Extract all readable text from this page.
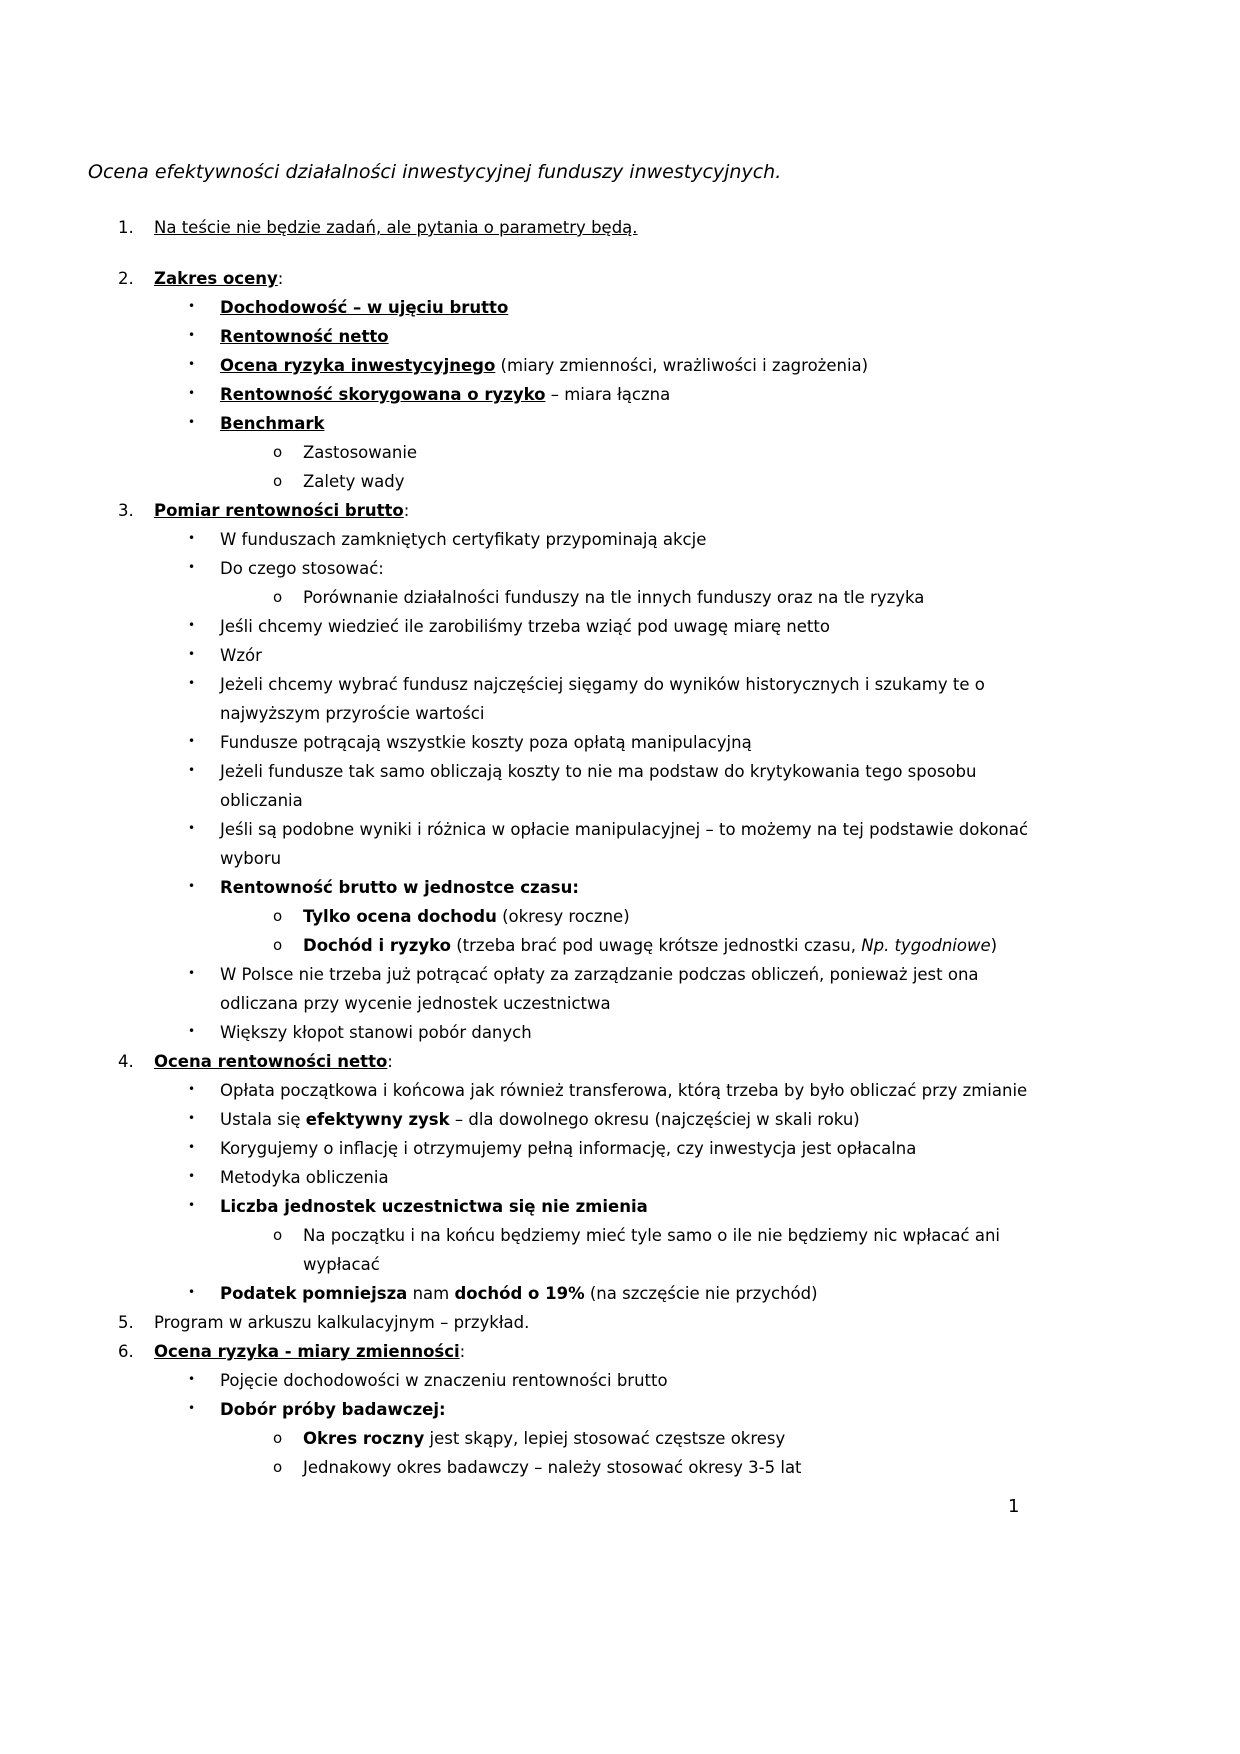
Ocena efektywności działalności inwestycyjnej funduszy inwestycyjnych.
1.	Na teście nie będzie zadań, ale pytania o parametry będą.
2.	Zakres oceny:
•	Dochodowość – w ujęciu brutto
•	Rentowność netto
•	Ocena ryzyka inwestycyjnego (miary zmienności, wrażliwości i zagrożenia)
•	Rentowność skorygowana o ryzyko – miara łączna
•	Benchmark
o	Zastosowanie
o	Zalety wady
3.	Pomiar rentowności brutto:
•	W funduszach zamkniętych certyfikaty przypominają akcje
•	Do czego stosować:
o	Porównanie działalności funduszy na tle innych funduszy oraz na tle ryzyka
•	Jeśli chcemy wiedzieć ile zarobiliśmy trzeba wziąć pod uwagę miarę netto
•	Wzór
•	Jeżeli chcemy wybrać fundusz najczęściej sięgamy do wyników historycznych i szukamy te o najwyższym przyroście wartości
•	Fundusze potrącają wszystkie koszty poza opłatą manipulacyjną
•	Jeżeli fundusze tak samo obliczają koszty to nie ma podstaw do krytykowania tego sposobu obliczania
•	Jeśli są podobne wyniki i różnica w opłacie manipulacyjnej – to możemy na tej podstawie dokonać wyboru
•	Rentowność brutto w jednostce czasu:
o	Tylko ocena dochodu (okresy roczne)
o	Dochód i ryzyko (trzeba brać pod uwagę krótsze jednostki czasu, Np. tygodniowe)
•	W Polsce nie trzeba już potrącać opłaty za zarządzanie podczas obliczeń, ponieważ jest ona odliczana przy wycenie jednostek uczestnictwa
•	Większy kłopot stanowi pobór danych
4.	Ocena rentowności netto:
•	Opłata początkowa i końcowa jak również transferowa, którą trzeba by było obliczać przy zmianie
•	Ustala się efektywny zysk – dla dowolnego okresu (najczęściej w skali roku)
•	Korygujemy o inflację i otrzymujemy pełną informację, czy inwestycja jest opłacalna
•	Metodyka obliczenia
•	Liczba jednostek uczestnictwa się nie zmienia
o	Na początku i na końcu będziemy mieć tyle samo o ile nie będziemy nic wpłacać ani wypłacać
•	Podatek pomniejsza nam dochód o 19% (na szczęście nie przychód)
5.	Program w arkuszu kalkulacyjnym – przykład.
6.	Ocena ryzyka - miary zmienności:
•	Pojęcie dochodowości w znaczeniu rentowności brutto
•	Dobór próby badawczej:
o	Okres roczny jest skąpy, lepiej stosować częstsze okresy
o	Jednakowy okres badawczy – należy stosować okresy 3-5 lat
1
